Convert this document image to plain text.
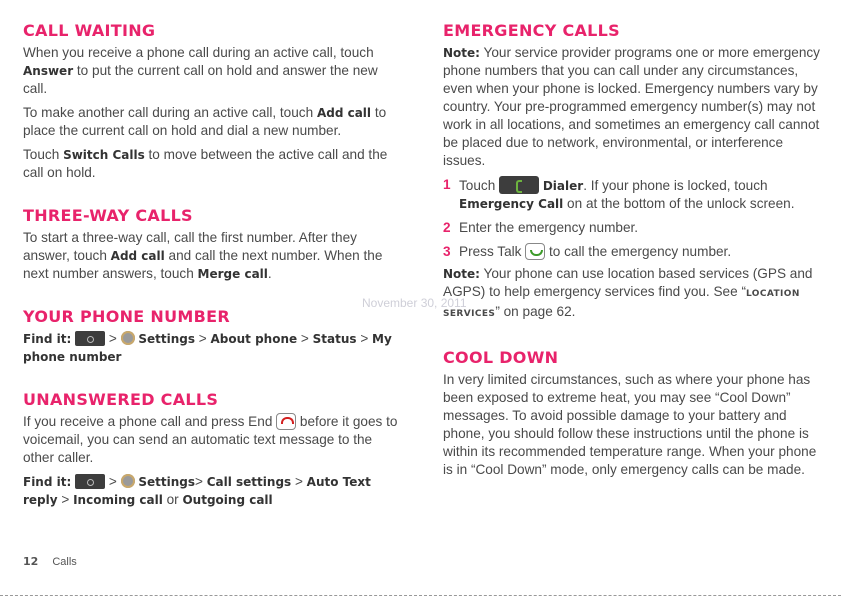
November 30, 2011
CALL WAITING

When you receive a phone call during an active call, touch Answer to put the current call on hold and answer the new call.

To make another call during an active call, touch Add call to place the current call on hold and dial a new number.

Touch Switch Calls to move between the active call and the call on hold.

THREE-WAY CALLS

To start a three-way call, call the first number. After they answer, touch Add call and call the next number. When the next number answers, touch Merge call.

YOUR PHONE NUMBER

Find it:  >  Settings > About phone > Status > My phone number

UNANSWERED CALLS

If you receive a phone call and press End  before it goes to voicemail, you can send an automatic text message to the other caller.

Find it:  >  Settings> Call settings > Auto Text reply > Incoming call or Outgoing call

EMERGENCY CALLS

Note: Your service provider programs one or more emergency phone numbers that you can call under any circumstances, even when your phone is locked. Emergency numbers vary by country. Your pre-programmed emergency number(s) may not work in all locations, and sometimes an emergency call cannot be placed due to network, environmental, or interference issues.

1 Touch	Dialer. If your phone is locked, touch Emergency Call on at the bottom of the unlock screen.

2 Enter the emergency number.

3 Press Talk  to call the emergency number.

Note: Your phone can use location based services (GPS and AGPS) to help emergency services find you. See “LOCATION SERVICES” on page 62.

COOL DOWN

In very limited circumstances, such as where your phone has been exposed to extreme heat, you may see “Cool Down” messages. To avoid possible damage to your battery and phone, you should follow these instructions until the phone is within its recommended temperature range. When your phone is in “Cool Down” mode, only emergency calls can be made.

12 Calls
